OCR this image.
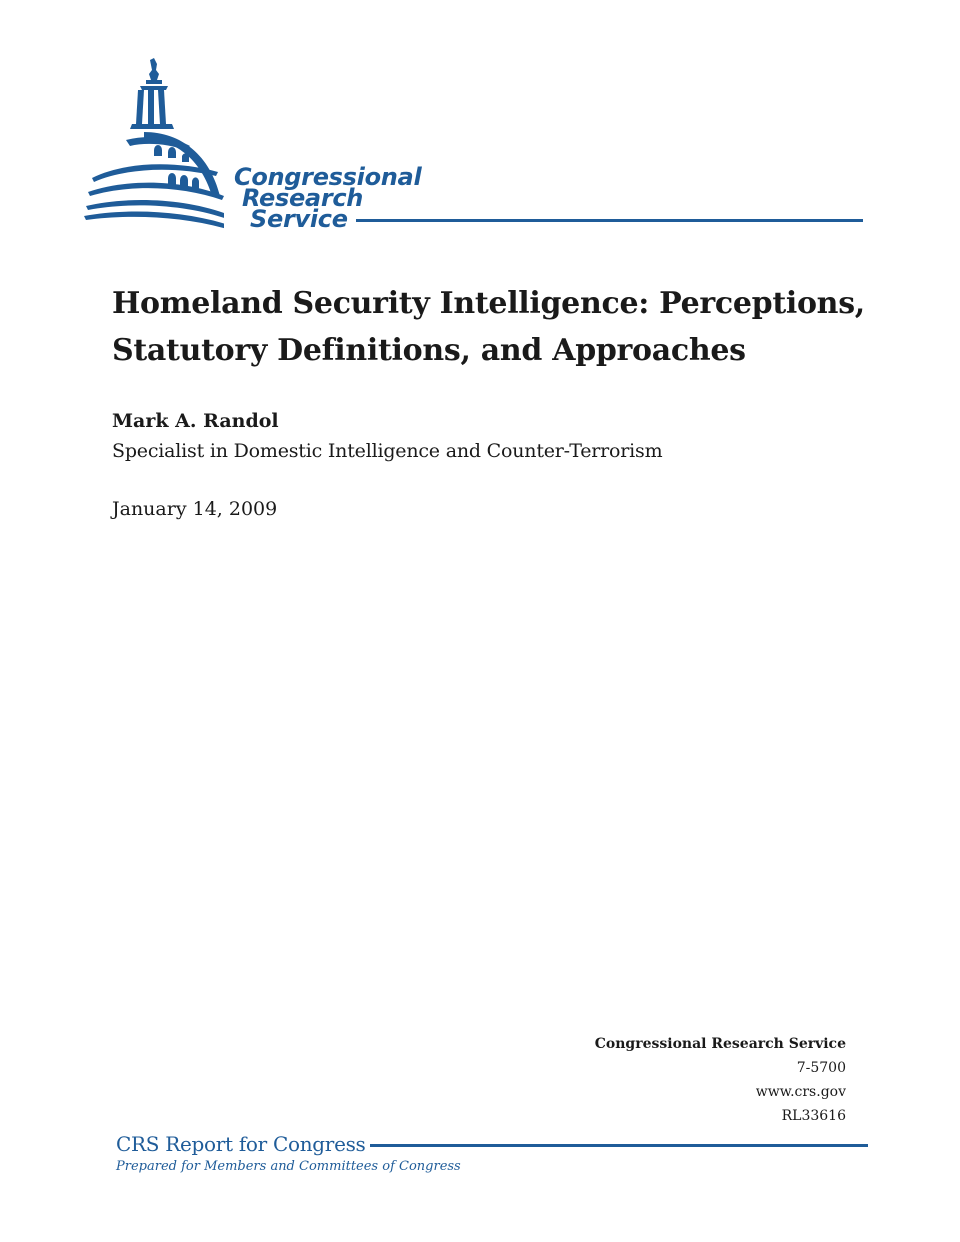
Congressional
Research
Service
Homeland Security Intelligence: Perceptions,
Statutory Definitions, and Approaches
Mark A. Randol
Specialist in Domestic Intelligence and Counter-Terrorism
January 14, 2009
Congressional Research Service
7-5700
www.crs.gov
RL33616
CRS Report for Congress
Prepared for Members and Committees of Congress
